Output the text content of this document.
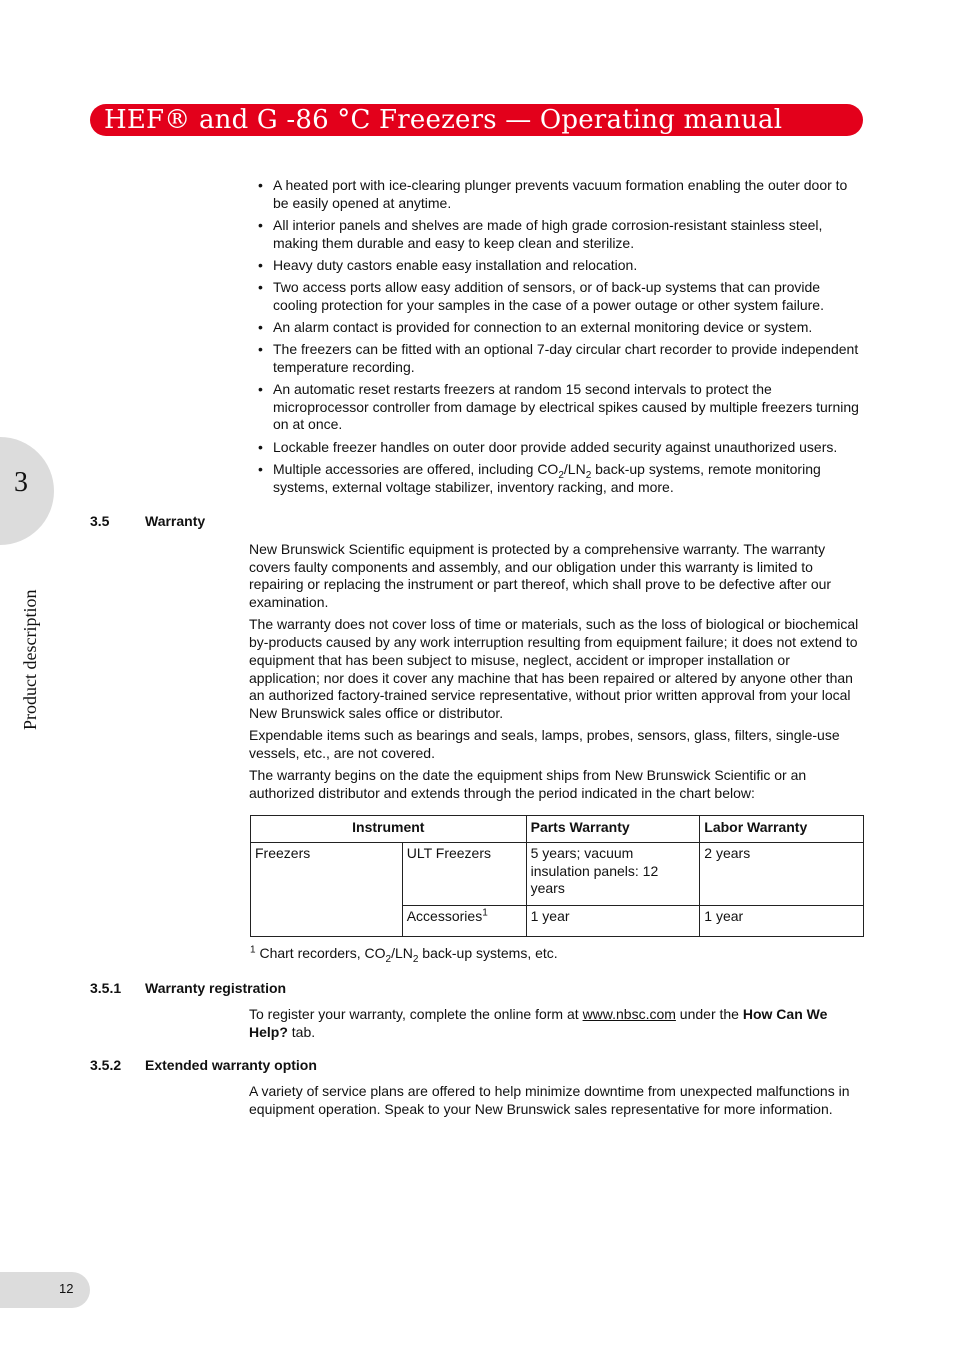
HEF® and G -86 °C Freezers — Operating manual
3
Product description
• A heated port with ice-clearing plunger prevents vacuum formation enabling the outer door to be easily opened at anytime.
• All interior panels and shelves are made of high grade corrosion-resistant stainless steel, making them durable and easy to keep clean and sterilize.
• Heavy duty castors enable easy installation and relocation.
• Two access ports allow easy addition of sensors, or of back-up systems that can provide cooling protection for your samples in the case of a power outage or other system failure.
• An alarm contact is provided for connection to an external monitoring device or system.
• The freezers can be fitted with an optional 7-day circular chart recorder to provide independent temperature recording.
• An automatic reset restarts freezers at random 15 second intervals to protect the microprocessor controller from damage by electrical spikes caused by multiple freezers turning on at once.
• Lockable freezer handles on outer door provide added security against unauthorized users.
• Multiple accessories are offered, including $CO_2/LN_2$ back-up systems, remote monitoring systems, external voltage stabilizer, inventory racking, and more.
3.5	Warranty

New Brunswick Scientific equipment is protected by a comprehensive warranty. The warranty covers faulty components and assembly, and our obligation under this warranty is limited to repairing or replacing the instrument or part thereof, which shall prove to be defective after our examination.

The warranty does not cover loss of time or materials, such as the loss of biological or biochemical by-products caused by any work interruption resulting from equipment failure; it does not extend to equipment that has been subject to misuse, neglect, accident or improper installation or application; nor does it cover any machine that has been repaired or altered by anyone other than an authorized factory-trained service representative, without prior written approval from your local New Brunswick sales office or distributor.

Expendable items such as bearings and seals, lamps, probes, sensors, glass, filters, single-use vessels, etc., are not covered.

The warranty begins on the date the equipment ships from New Brunswick Scientific or an authorized distributor and extends through the period indicated in the chart below:

Instrument		Parts Warranty	Labor Warranty
Freezers	ULT Freezers	5 years; vacuum insulation panels: 12 years	2 years
	Accessories$^1$	1 year	1 year
$^1$ Chart recorders, $CO_2/LN_2$ back-up systems, etc.
3.5.1 Warranty registration

To register your warranty, complete the online form at www.nbsc.com under the How Can We Help? tab.

3.5.2 Extended warranty option

A variety of service plans are offered to help minimize downtime from unexpected malfunctions in equipment operation. Speak to your New Brunswick sales representative for more information.

12
